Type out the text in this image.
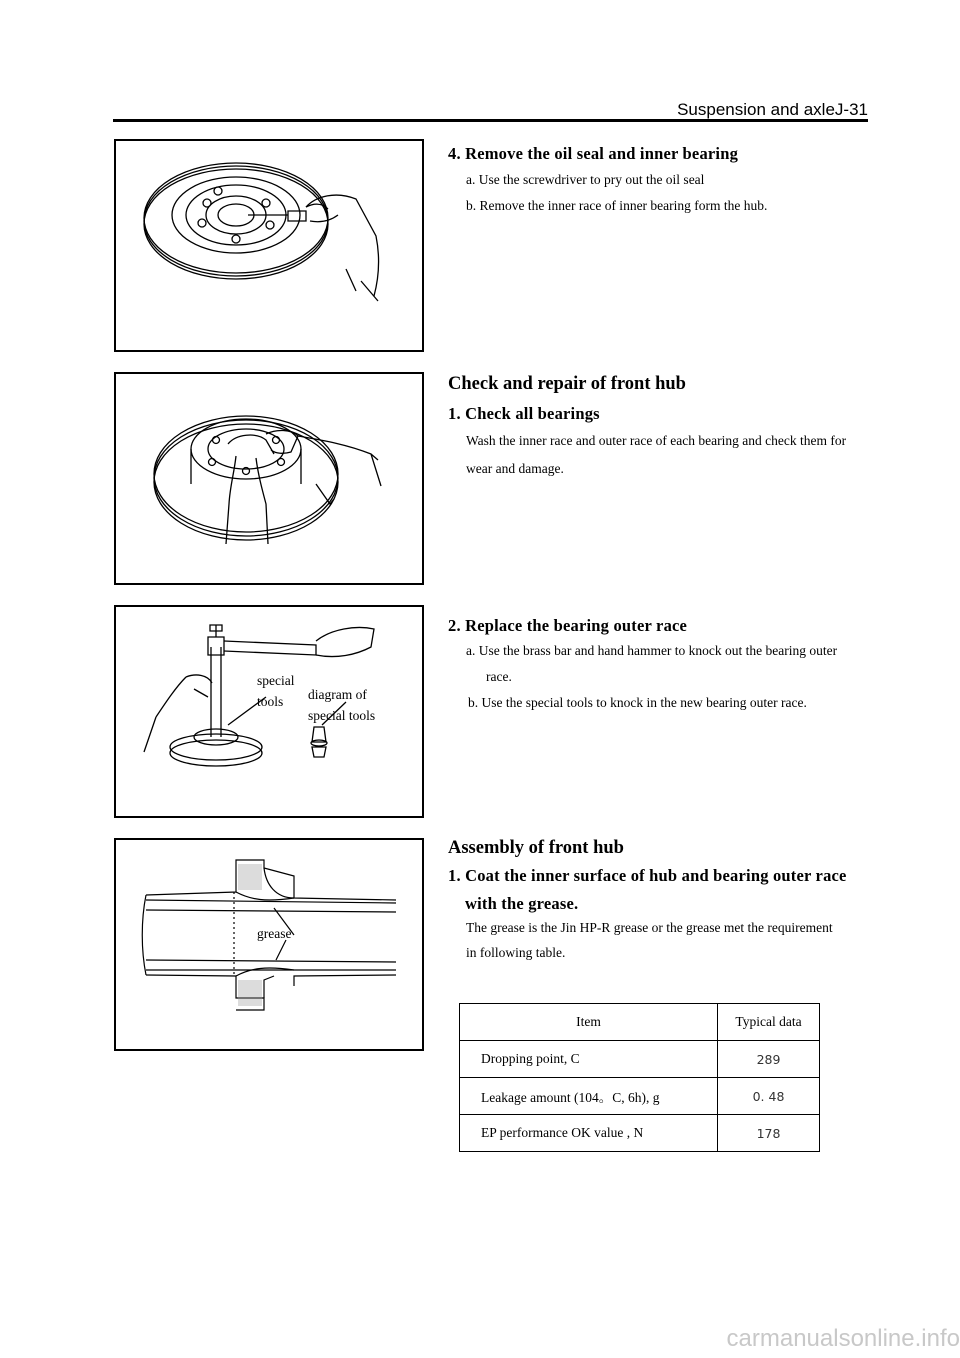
Suspension and axleJ-31
4. Remove the oil seal and inner bearing
a. Use the screwdriver to pry out the oil seal
b. Remove the inner race of inner bearing form the hub.
Check and repair of front hub
1. Check all bearings
Wash the inner race and outer race of each bearing and check them for
wear and damage.
special
tools diagram of
special tools
2. Replace the bearing outer race
a. Use the brass bar and hand hammer to knock out the bearing outer
race.
b. Use the special tools to knock in the new bearing outer race.
grease
Assembly of front hub
1. Coat the inner surface of hub and bearing outer race
with the grease.
The grease is the Jin HP-R grease or the grease met the requirement
in following table.
Item	Typical data
Dropping point, C	289
Leakage amount (104。C, 6h), g	0. 48
EP performance OK value , N	178
carmanualsonline.info
